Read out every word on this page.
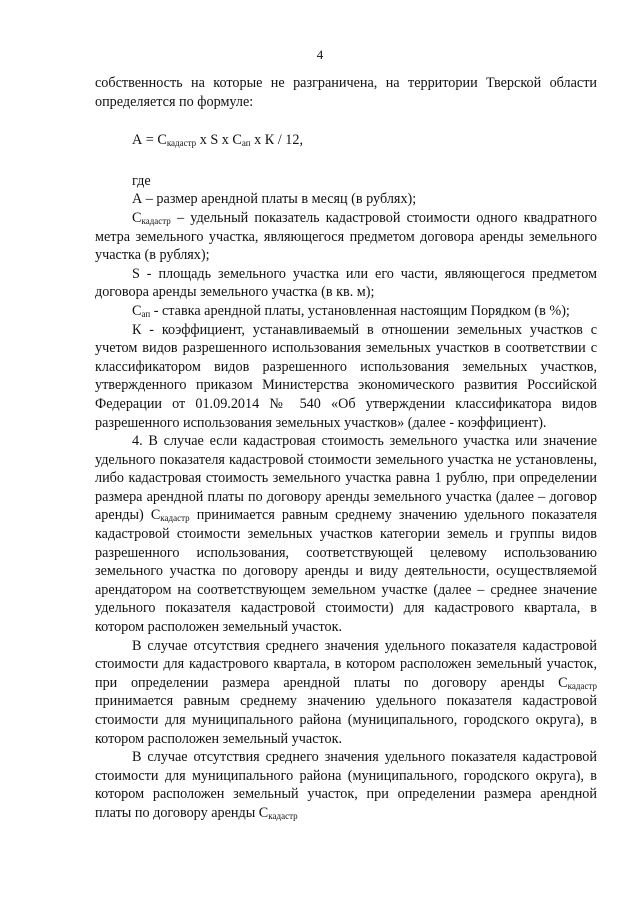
4

собственность на которые не разграничена, на территории Тверской области определяется по формуле:

$А = С_{кадастр}$ х S х $С_{ап}$ х К / 12,

где

А – размер арендной платы в месяц (в рублях);

$С_{кадастр}$ – удельный показатель кадастровой стоимости одного квадратного метра земельного участка, являющегося предметом договора аренды земельного участка (в рублях);

S - площадь земельного участка или его части, являющегося предметом договора аренды земельного участка (в кв. м);

$С_{ап}$ - ставка арендной платы, установленная настоящим Порядком (в %);

К - коэффициент, устанавливаемый в отношении земельных участков с учетом видов разрешенного использования земельных участков в соответствии с классификатором видов разрешенного использования земельных участков, утвержденного приказом Министерства экономического развития Российской Федерации от 01.09.2014 № 540 «Об утверждении классификатора видов разрешенного использования земельных участков» (далее - коэффициент).

4. В случае если кадастровая стоимость земельного участка или значение удельного показателя кадастровой стоимости земельного участка не установлены, либо кадастровая стоимость земельного участка равна 1 рублю, при определении размера арендной платы по договору аренды земельного участка (далее – договор аренды) $С_{кадастр}$ принимается равным среднему значению удельного показателя кадастровой стоимости земельных участков категории земель и группы видов разрешенного использования, соответствующей целевому использованию земельного участка по договору аренды и виду деятельности, осуществляемой арендатором на соответствующем земельном участке (далее – среднее значение удельного показателя кадастровой стоимости) для кадастрового квартала, в котором расположен земельный участок.

В случае отсутствия среднего значения удельного показателя кадастровой стоимости для кадастрового квартала, в котором расположен земельный участок, при определении размера арендной платы по договору аренды $С_{кадастр}$ принимается равным среднему значению удельного показателя кадастровой стоимости для муниципального района (муниципального, городского округа), в котором расположен земельный участок.

В случае отсутствия среднего значения удельного показателя кадастровой стоимости для муниципального района (муниципального, городского округа), в котором расположен земельный участок, при определении размера арендной платы по договору аренды $С_{кадастр}$
